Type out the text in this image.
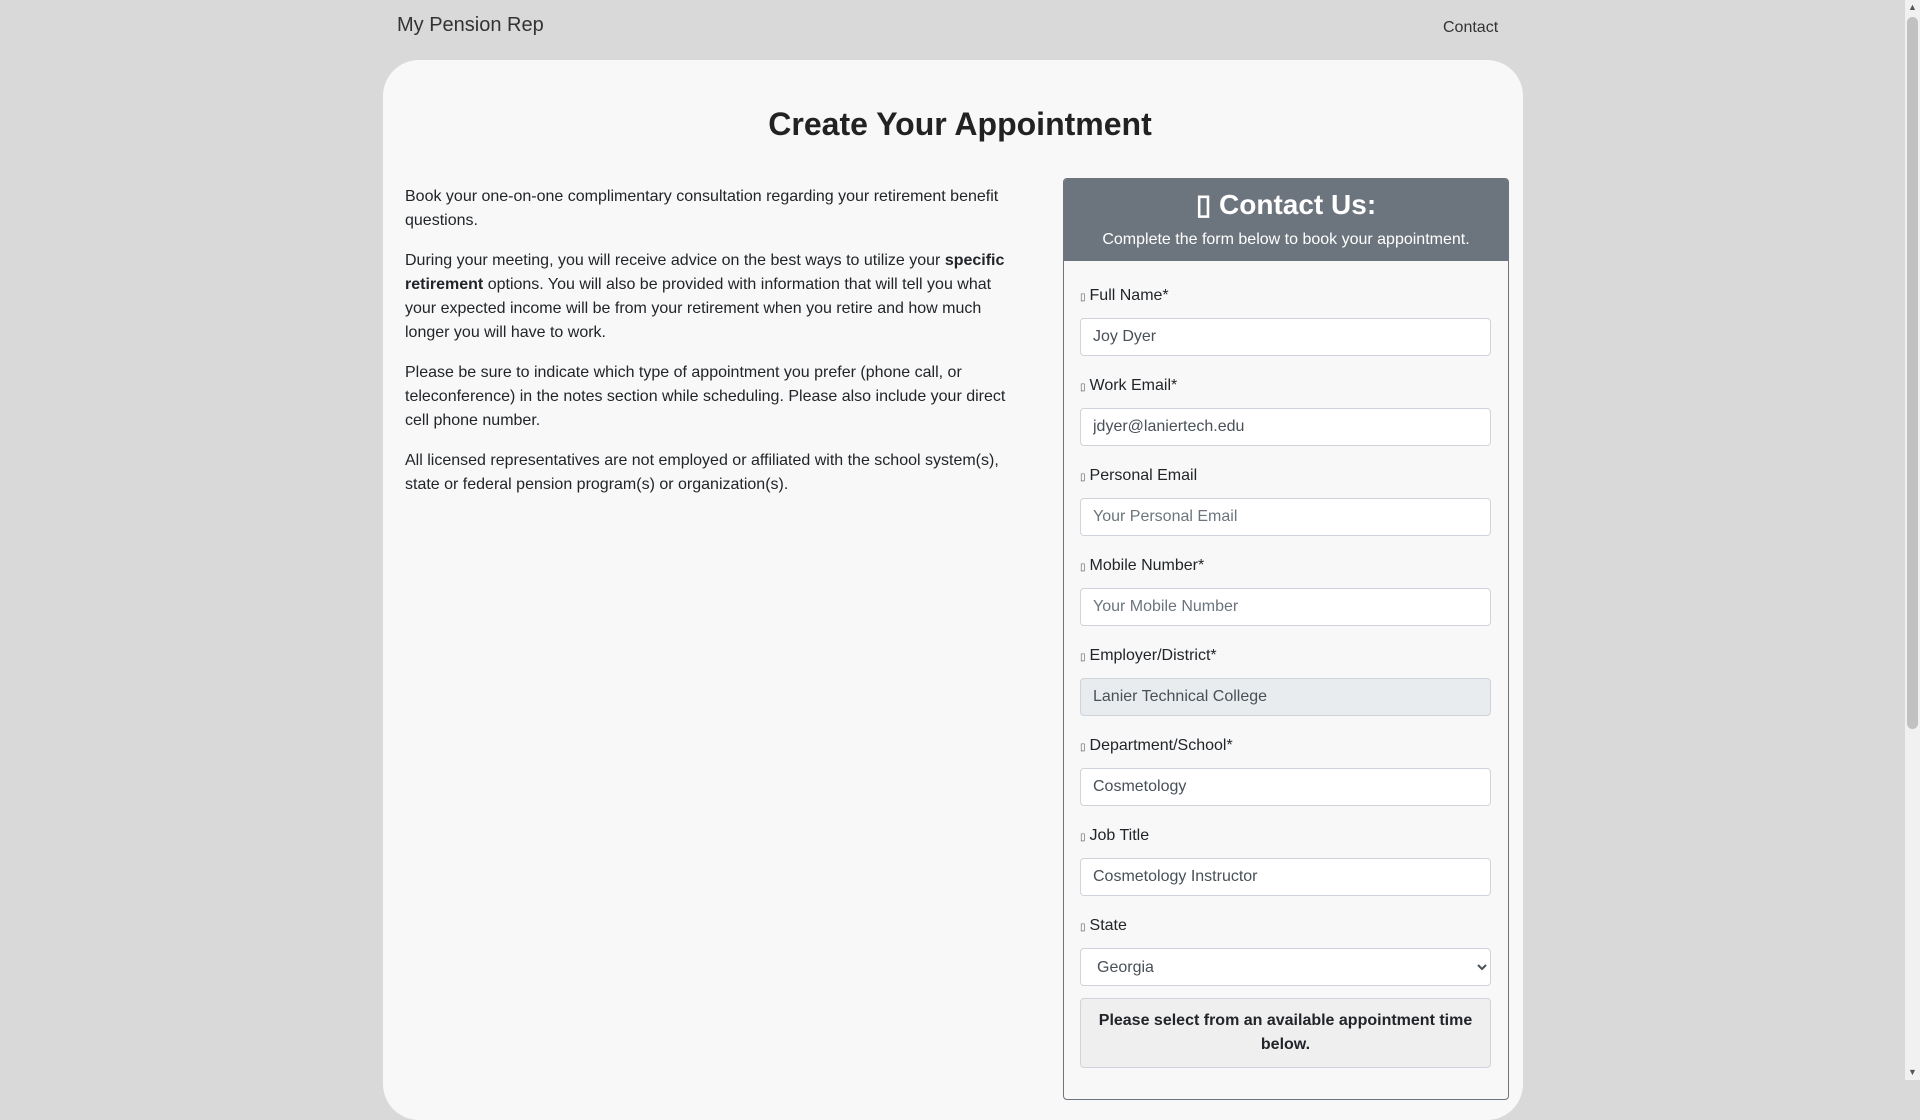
My Pension Rep	Contact
Create Your Appointment

Book your one-on-one complimentary consultation regarding your retirement benefit questions.

During your meeting, you will receive advice on the best ways to utilize your specific retirement options. You will also be provided with information that will tell you what your expected income will be from your retirement when you retire and how much longer you will have to work.

Please be sure to indicate which type of appointment you prefer (phone call, or teleconference) in the notes section while scheduling. Please also include your direct cell phone number.

All licensed representatives are not employed or affiliated with the school system(s), state or federal pension program(s) or organization(s).

▯ Contact Us:
Complete the form below to book your appointment.
▯ Full Name*
Joy Dyer
▯ Work Email*
jdyer@laniertech.edu
▯ Personal Email
Your Personal Email
▯ Mobile Number*
Your Mobile Number
▯ Employer/District*
Lanier Technical College
▯ Department/School*
Cosmetology
▯ Job Title
Cosmetology Instructor
▯ State
Georgia
Please select from an available appointment time below.
▲
▼
